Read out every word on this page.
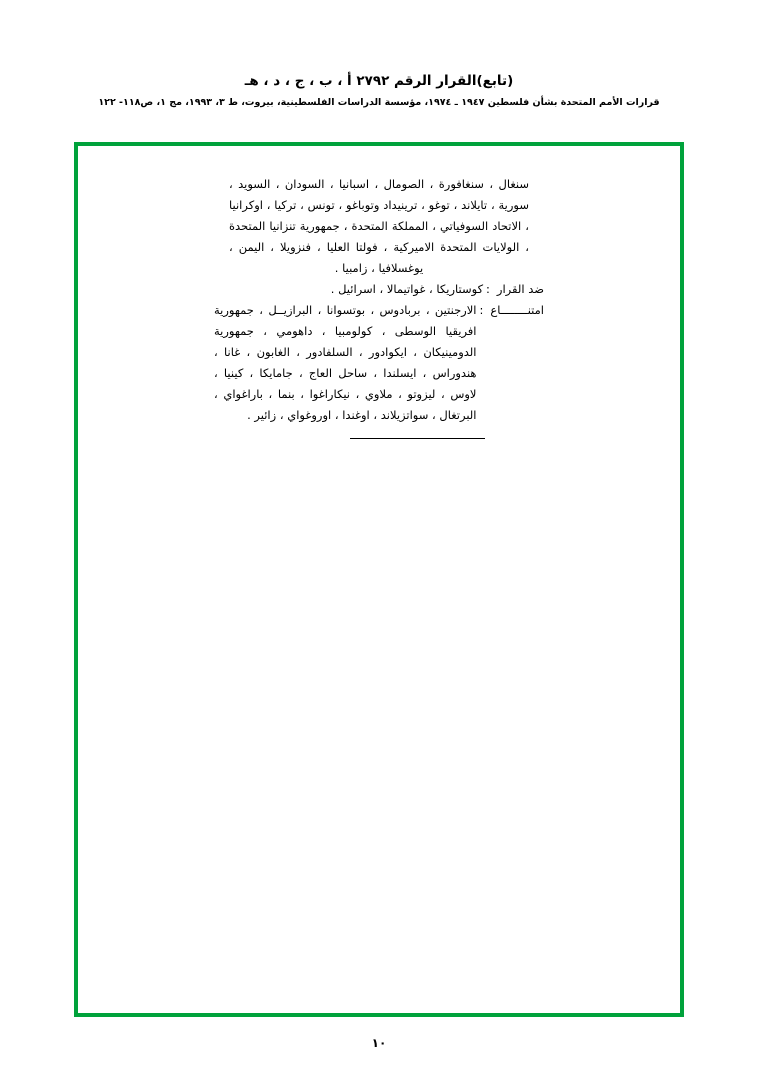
(تابع)القرار الرقم ٢٧٩٢ أ ، ب ، ج ، د ، هـ
قرارات الأمم المتحدة بشأن فلسطين ١٩٤٧ ـ ١٩٧٤، مؤسسة الدراسات الفلسطينية، بيروت، ط ٣، ١٩٩٣، مج ١، ص١١٨- ١٢٢

سنغال ، سنغافورة ، الصومال ، اسبانيا ، السودان ، السويد ، سورية ، تايلاند ، توغو ، ترينيداد وتوباغو ، تونس ، تركيا ، اوكرانيا ، الاتحاد السوفياتي ، المملكة المتحدة ، جمهورية تنزانيا المتحدة ، الولايات المتحدة الاميركية ، فولتا العليا ، فنزويلا ، اليمن ، يوغسلافيا ، زامبيا .

ضد القرار
:
كوستاريكا ، غواتيمالا ، اسرائيل .
امتنــــــــاع
:
الارجنتين ، بربادوس ، بوتسوانا ، البرازيــل ، جمهورية افريقيا الوسطى ، كولومبيا ، داهومي ، جمهورية الدومينيكان ، ايكوادور ، السلفادور ، الغابون ، غانا ، هندوراس ، ايسلندا ، ساحل العاج ، جامايكا ، كينيا ، لاوس ، ليزوتو ، ملاوي ، نيكاراغوا ، بنما ، باراغواي ، البرتغال ، سواتزيلاند ، اوغندا ، اوروغواي ، زائير .
١٠
